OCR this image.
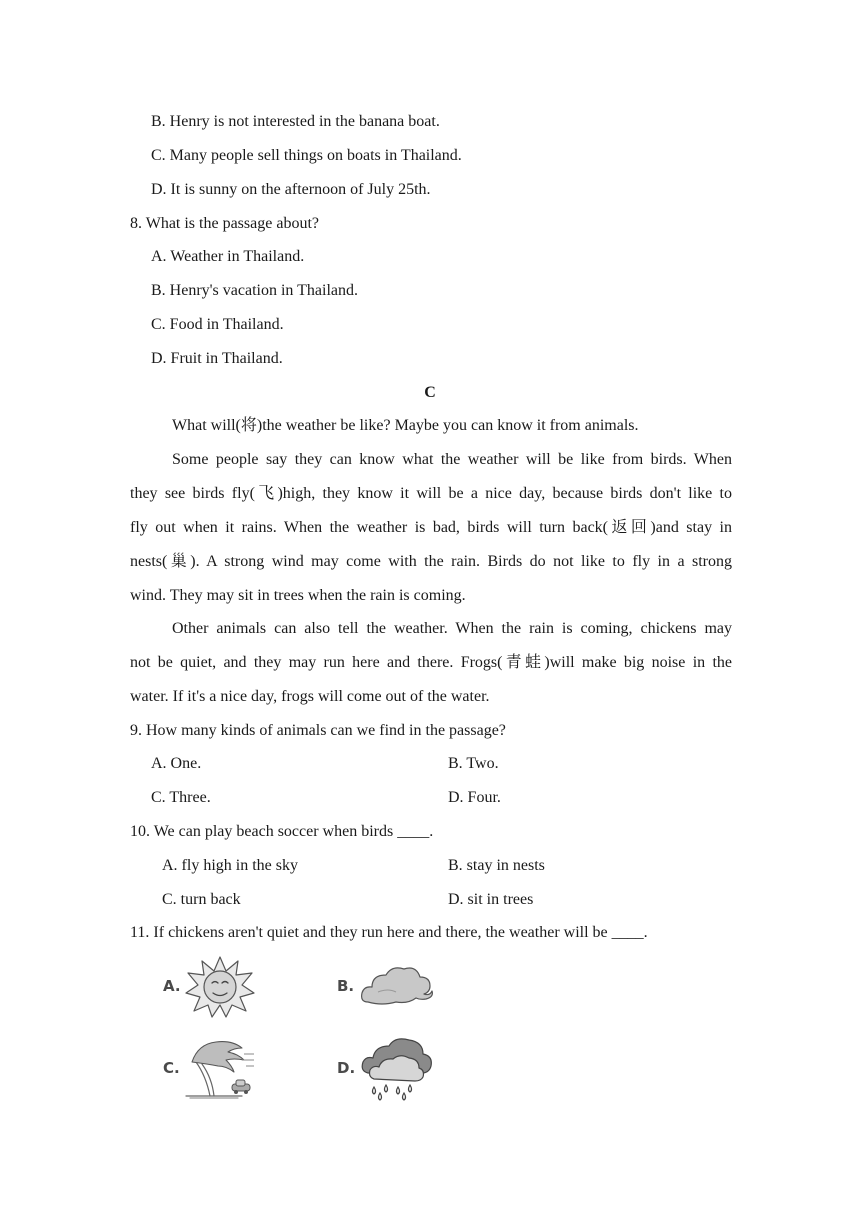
B. Henry is not interested in the banana boat.
C. Many people sell things on boats in Thailand.
D. It is sunny on the afternoon of July 25th.
8. What is the passage about?
A. Weather in Thailand.
B. Henry's vacation in Thailand.
C. Food in Thailand.
D. Fruit in Thailand.
C
What will(将)the weather be like? Maybe you can know it from animals.
Some people say they can know what the weather will be like from birds. When
they see birds fly(飞)high, they know it will be a nice day, because birds don't like to
fly out when it rains. When the weather is bad, birds will turn back(返回)and stay in
nests(巢). A strong wind may come with the rain. Birds do not like to fly in a strong
wind. They may sit in trees when the rain is coming.
Other animals can also tell the weather. When the rain is coming, chickens may
not be quiet, and they may run here and there. Frogs(青蛙)will make big noise in the
water. If it's a nice day, frogs will come out of the water.
9. How many kinds of animals can we find in the passage?
A. One.	B. Two.
C. Three.	D. Four.
10. We can play beach soccer when birds ____.
A. fly high in the sky	B. stay in nests
C. turn back	D. sit in trees
11. If chickens aren't quiet and they run here and there, the weather will be ____.
A.	B.
C.	D.
